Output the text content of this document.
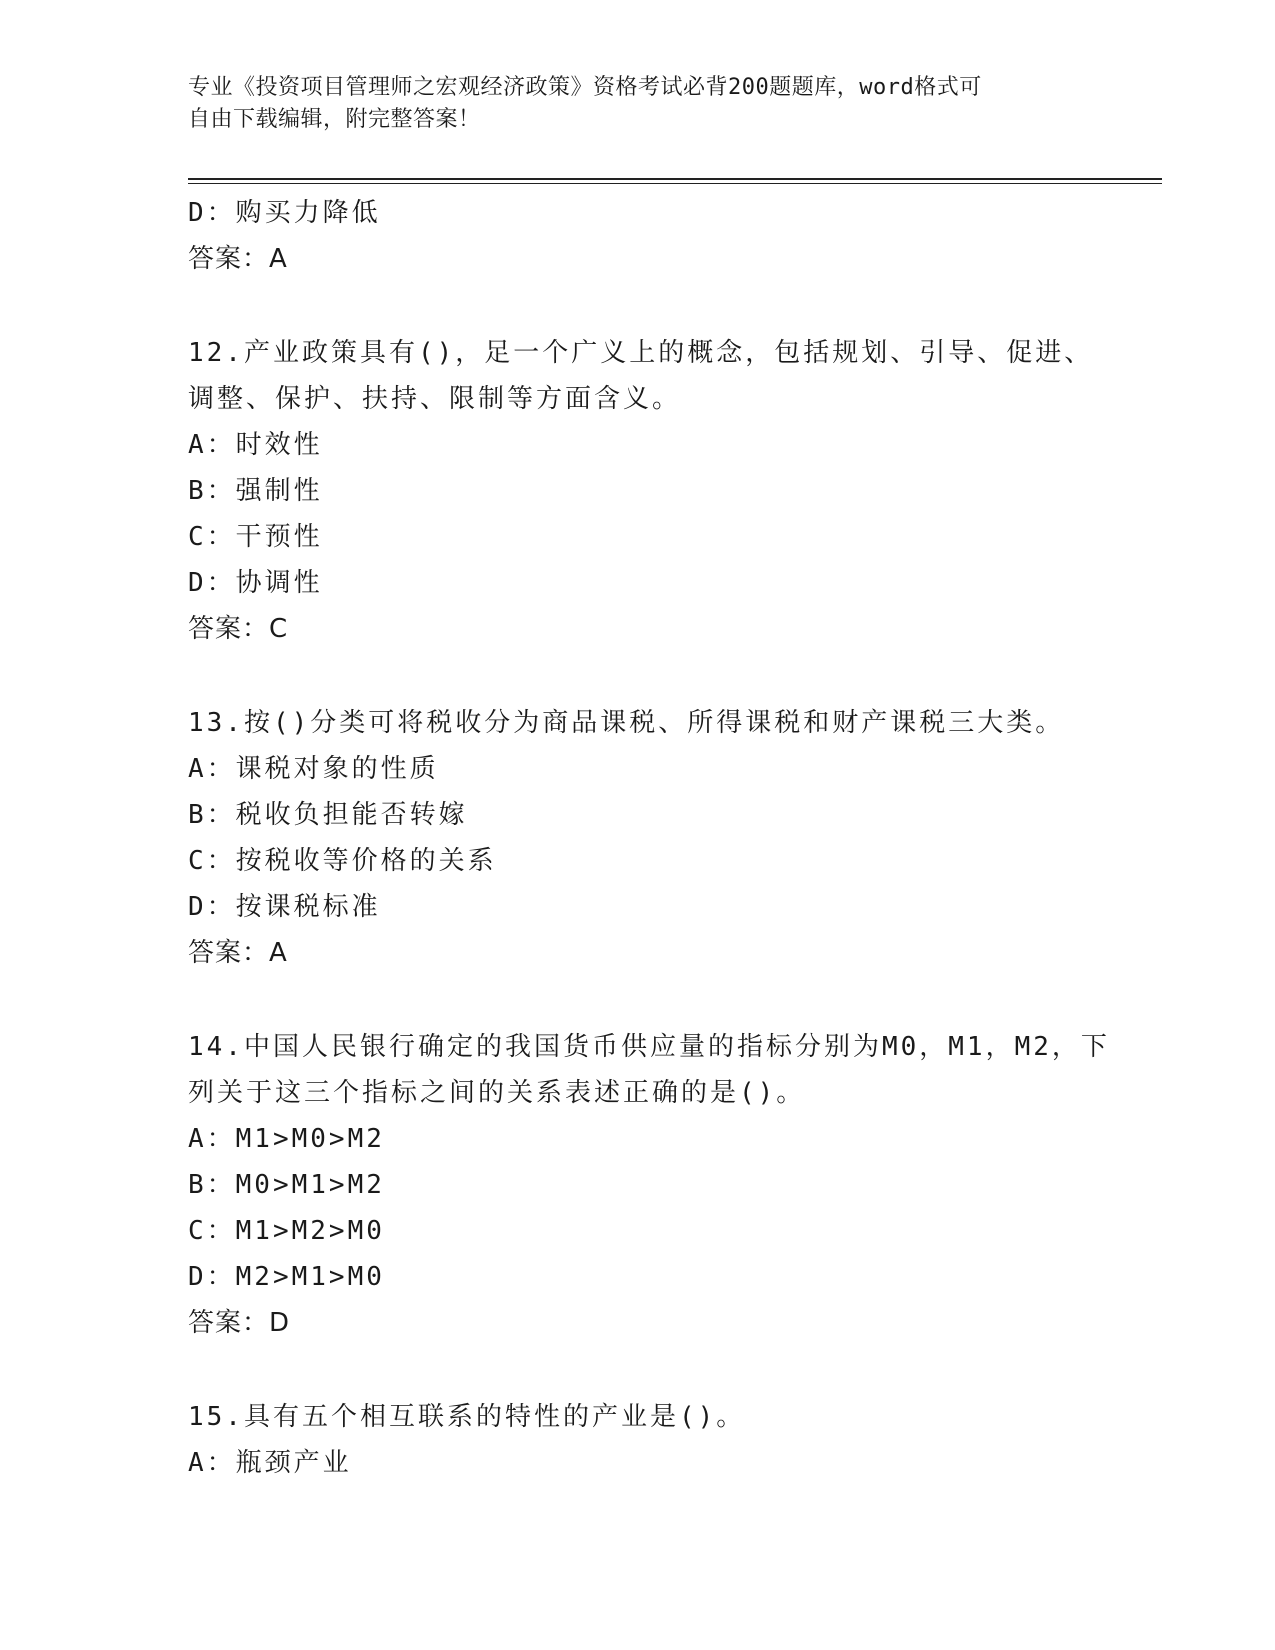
专业《投资项目管理师之宏观经济政策》资格考试必背200题题库，word格式可
自由下载编辑，附完整答案！
D：购买力降低
答案：A
12.产业政策具有()，足一个广义上的概念，包括规划、引导、促进、
调整、保护、扶持、限制等方面含义。
A：时效性
B：强制性
C：干预性
D：协调性
答案：C
13.按()分类可将税收分为商品课税、所得课税和财产课税三大类。
A：课税对象的性质
B：税收负担能否转嫁
C：按税收等价格的关系
D：按课税标准
答案：A
14.中国人民银行确定的我国货币供应量的指标分别为M0，M1，M2，下
列关于这三个指标之间的关系表述正确的是()。
A：M1>M0>M2
B：M0>M1>M2
C：M1>M2>M0
D：M2>M1>M0
答案：D
15.具有五个相互联系的特性的产业是()。
A：瓶颈产业
